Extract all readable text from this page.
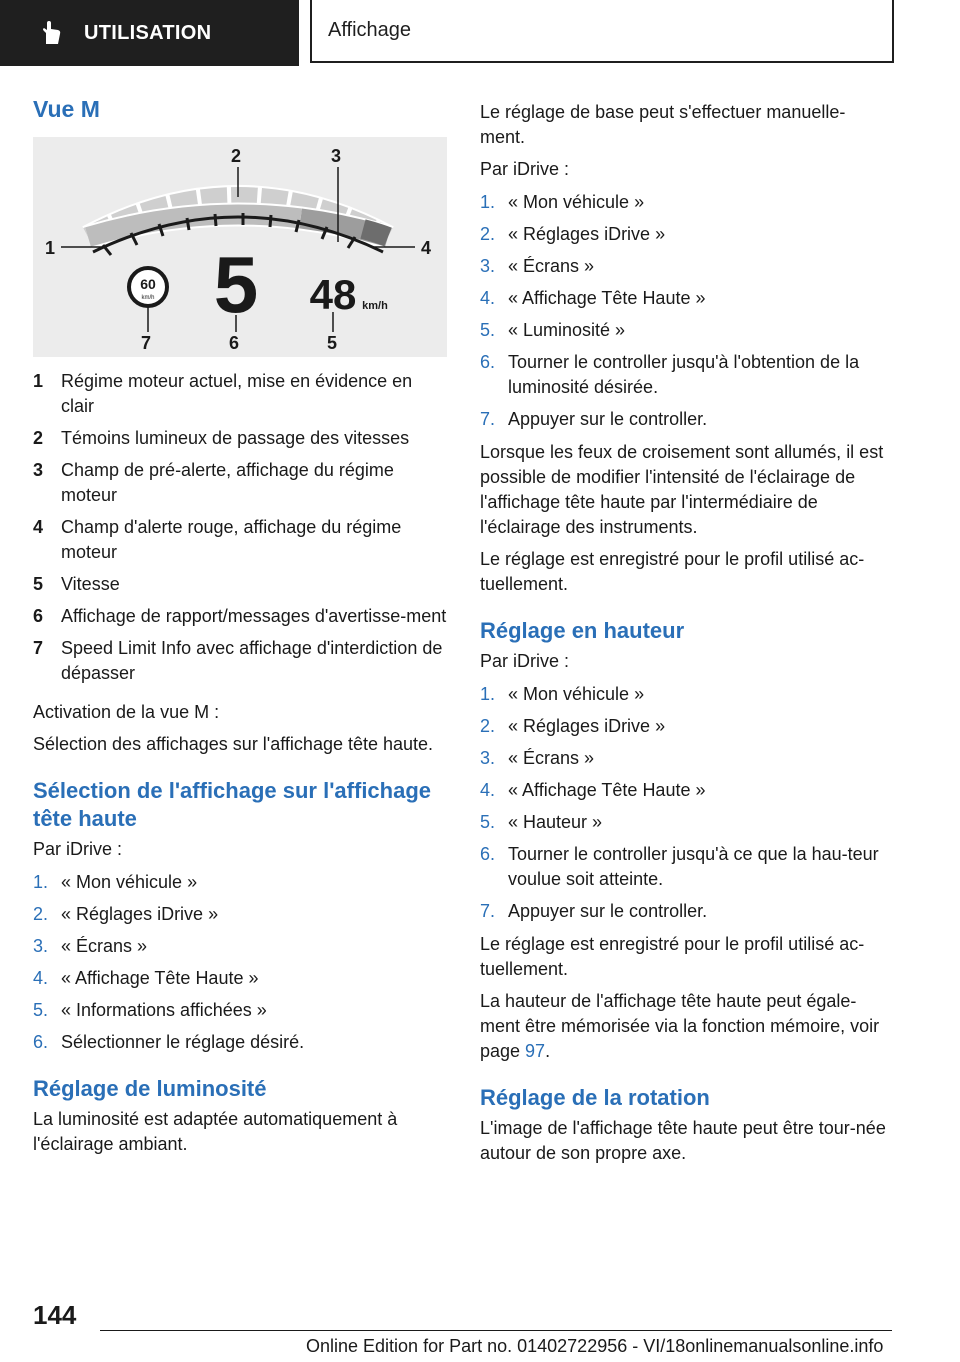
UTILISATION	Affichage
Vue M
60
km/h 5 48 km/h
1
2	3
4
5
6
7
1 Régime moteur actuel, mise en évidence en clair
2 Témoins lumineux de passage des vitesses
3 Champ de pré-alerte, affichage du régime moteur
4 Champ d'alerte rouge, affichage du régime moteur
5 Vitesse
6 Affichage de rapport/messages d'avertisse-ment
7 Speed Limit Info avec affichage d'interdiction de dépasser

Activation de la vue M :

Sélection des affichages sur l'affichage tête haute.

Sélection de l'affichage sur l'affichage tête haute

Par iDrive :

1. « Mon véhicule »
2. « Réglages iDrive »
3. « Écrans »
4. « Affichage Tête Haute »
5. « Informations affichées »
6. Sélectionner le réglage désiré.
Réglage de luminosité

La luminosité est adaptée automatiquement à l'éclairage ambiant.

Le réglage de base peut s'effectuer manuelle-ment.

Par iDrive :

1. « Mon véhicule »
2. « Réglages iDrive »
3. « Écrans »
4. « Affichage Tête Haute »
5. « Luminosité »
6. Tourner le controller jusqu'à l'obtention de la luminosité désirée.
7. Appuyer sur le controller.

Lorsque les feux de croisement sont allumés, il est possible de modifier l'intensité de l'éclairage de l'affichage tête haute par l'intermédiaire de l'éclairage des instruments.

Le réglage est enregistré pour le profil utilisé ac-tuellement.

Réglage en hauteur

Par iDrive :

1. « Mon véhicule »
2. « Réglages iDrive »
3. « Écrans »
4. « Affichage Tête Haute »
5. « Hauteur »
6. Tourner le controller jusqu'à ce que la hau-teur voulue soit atteinte.
7. Appuyer sur le controller.

Le réglage est enregistré pour le profil utilisé ac-tuellement.

La hauteur de l'affichage tête haute peut égale-ment être mémorisée via la fonction mémoire, voir page 97.

Réglage de la rotation

L'image de l'affichage tête haute peut être tour-née autour de son propre axe.

144
Online Edition for Part no. 01402722956 - VI/18onlinemanualsonline.info
